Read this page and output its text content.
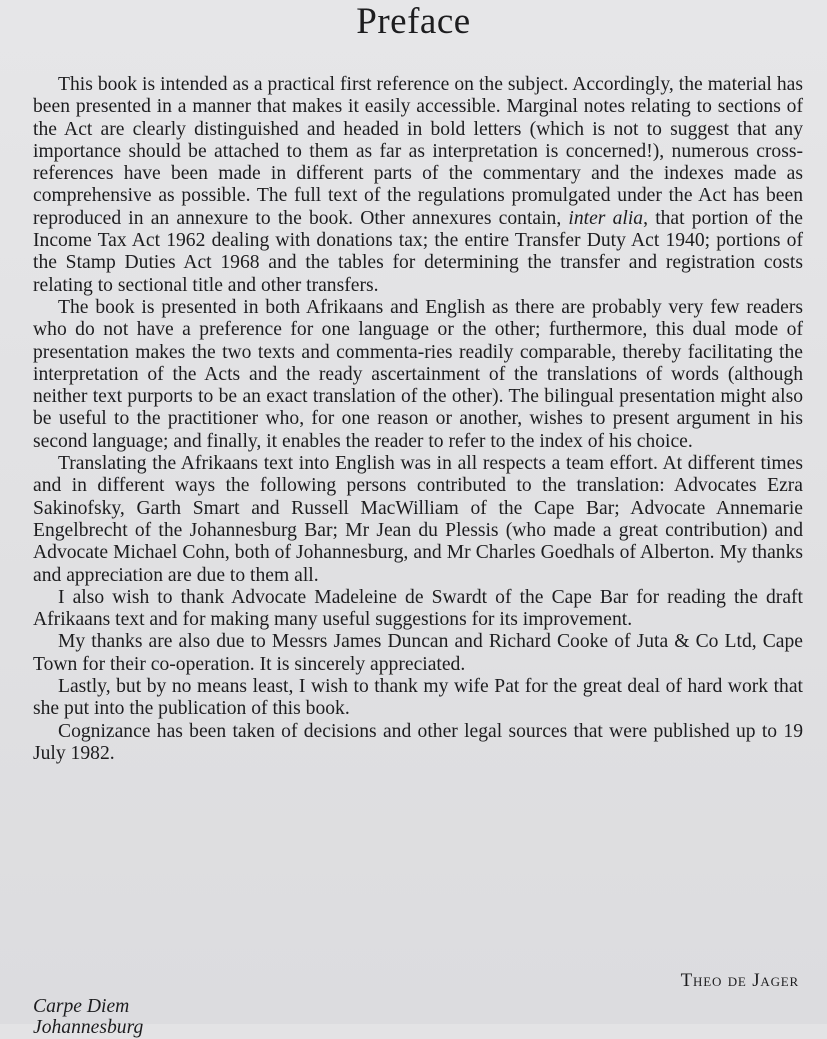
Preface

This book is intended as a practical first reference on the subject. Accordingly, the material has been presented in a manner that makes it easily accessible. Marginal notes relating to sections of the Act are clearly distinguished and headed in bold letters (which is not to suggest that any importance should be attached to them as far as interpretation is concerned!), numerous cross-references have been made in different parts of the commentary and the indexes made as comprehensive as possible. The full text of the regulations promulgated under the Act has been reproduced in an annexure to the book. Other annexures contain, inter alia, that portion of the Income Tax Act 1962 dealing with donations tax; the entire Transfer Duty Act 1940; portions of the Stamp Duties Act 1968 and the tables for determining the transfer and registration costs relating to sectional title and other transfers.

The book is presented in both Afrikaans and English as there are probably very few readers who do not have a preference for one language or the other; furthermore, this dual mode of presentation makes the two texts and commenta-ries readily comparable, thereby facilitating the interpretation of the Acts and the ready ascertainment of the translations of words (although neither text purports to be an exact translation of the other). The bilingual presentation might also be useful to the practitioner who, for one reason or another, wishes to present argument in his second language; and finally, it enables the reader to refer to the index of his choice.

Translating the Afrikaans text into English was in all respects a team effort. At different times and in different ways the following persons contributed to the translation: Advocates Ezra Sakinofsky, Garth Smart and Russell MacWilliam of the Cape Bar; Advocate Annemarie Engelbrecht of the Johannesburg Bar; Mr Jean du Plessis (who made a great contribution) and Advocate Michael Cohn, both of Johannesburg, and Mr Charles Goedhals of Alberton. My thanks and appreciation are due to them all.

I also wish to thank Advocate Madeleine de Swardt of the Cape Bar for reading the draft Afrikaans text and for making many useful suggestions for its improvement.

My thanks are also due to Messrs James Duncan and Richard Cooke of Juta & Co Ltd, Cape Town for their co-operation. It is sincerely appreciated.

Lastly, but by no means least, I wish to thank my wife Pat for the great deal of hard work that she put into the publication of this book.

Cognizance has been taken of decisions and other legal sources that were published up to 19 July 1982.

Theo de Jager
Carpe Diem
Johannesburg
